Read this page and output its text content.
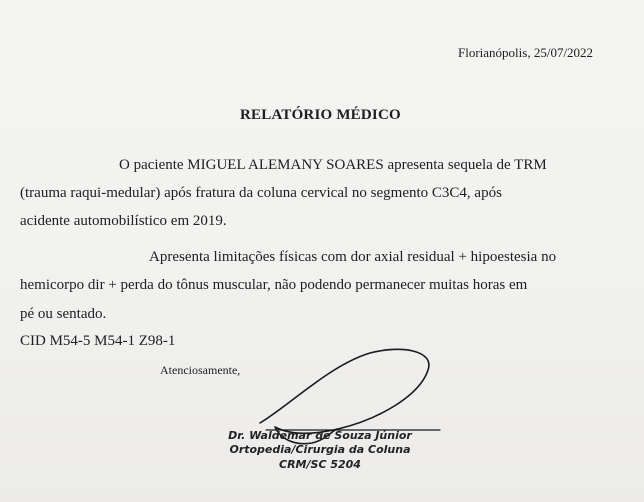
Florianópolis, 25/07/2022
RELATÓRIO MÉDICO
O paciente MIGUEL ALEMANY SOARES apresenta sequela de TRM
(trauma raqui-medular) após fratura da coluna cervical no segmento C3C4, após
acidente automobilístico em 2019.
Apresenta limitações físicas com dor axial residual + hipoestesia no
hemicorpo dir + perda do tônus muscular, não podendo permanecer muitas horas em
pé ou sentado.
CID M54-5 M54-1 Z98-1
Atenciosamente,
Dr. Waldemar de Souza Júnior
Ortopedia/Cirurgia da Coluna
CRM/SC 5204
